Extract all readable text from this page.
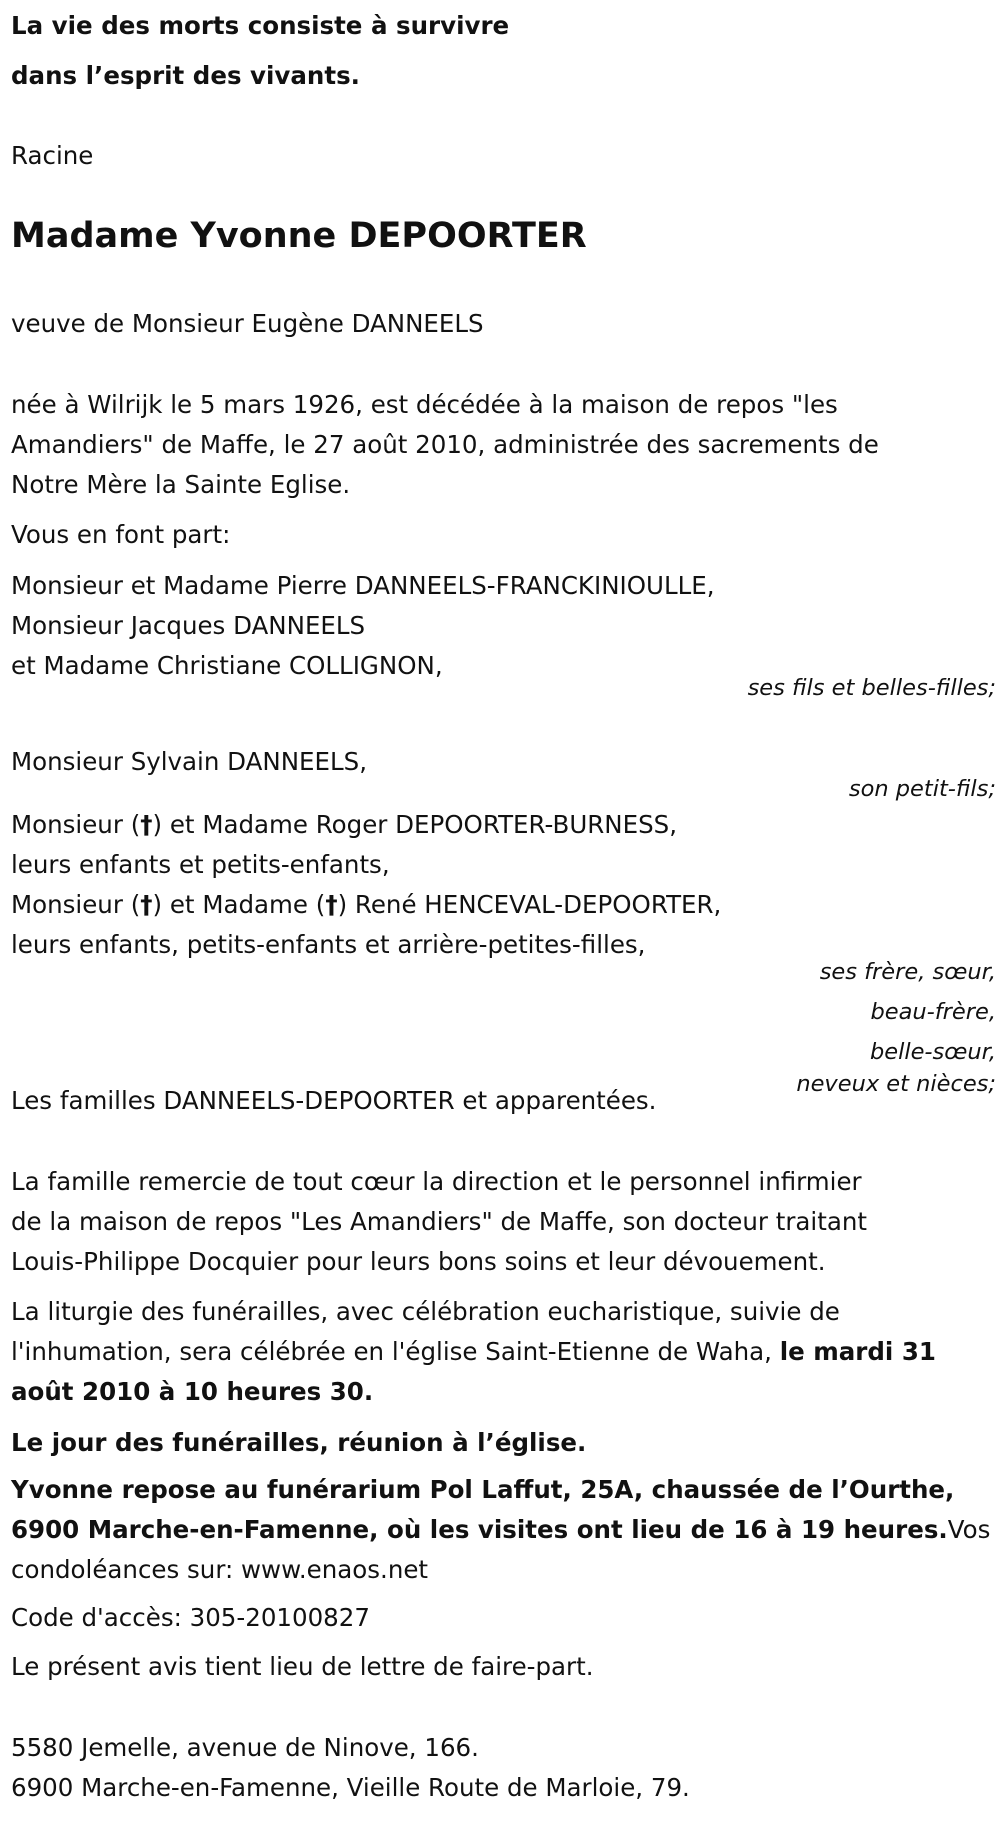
La vie des morts consiste à survivre
dans l’esprit des vivants.
Racine
Madame Yvonne DEPOORTER
veuve de Monsieur Eugène DANNEELS
née à Wilrijk le 5 mars 1926, est décédée à la maison de repos "les
Amandiers" de Maffe, le 27 août 2010, administrée des sacrements de
Notre Mère la Sainte Eglise.
Vous en font part:
Monsieur et Madame Pierre DANNEELS-FRANCKINIOULLE,
Monsieur Jacques DANNEELS
et Madame Christiane COLLIGNON,
ses fils et belles-filles;
Monsieur Sylvain DANNEELS,
son petit-fils;
Monsieur (†) et Madame Roger DEPOORTER-BURNESS,
leurs enfants et petits-enfants,
Monsieur (†) et Madame (†) René HENCEVAL-DEPOORTER,
leurs enfants, petits-enfants et arrière-petites-filles,
ses frère, sœur,
beau-frère,
belle-sœur,
neveux et nièces;
Les familles DANNEELS-DEPOORTER et apparentées.
La famille remercie de tout cœur la direction et le personnel infirmier
de la maison de repos "Les Amandiers" de Maffe, son docteur traitant
Louis-Philippe Docquier pour leurs bons soins et leur dévouement.
La liturgie des funérailles, avec célébration eucharistique, suivie de
l'inhumation, sera célébrée en l'église Saint-Etienne de Waha, le mardi 31
août 2010 à 10 heures 30.
Le jour des funérailles, réunion à l’église.
Yvonne repose au funérarium Pol Laffut, 25A, chaussée de l’Ourthe,
6900 Marche-en-Famenne, où les visites ont lieu de 16 à 19 heures.Vos
condoléances sur: www.enaos.net
Code d'accès: 305-20100827
Le présent avis tient lieu de lettre de faire-part.
5580 Jemelle, avenue de Ninove, 166.
6900 Marche-en-Famenne, Vieille Route de Marloie, 79.
